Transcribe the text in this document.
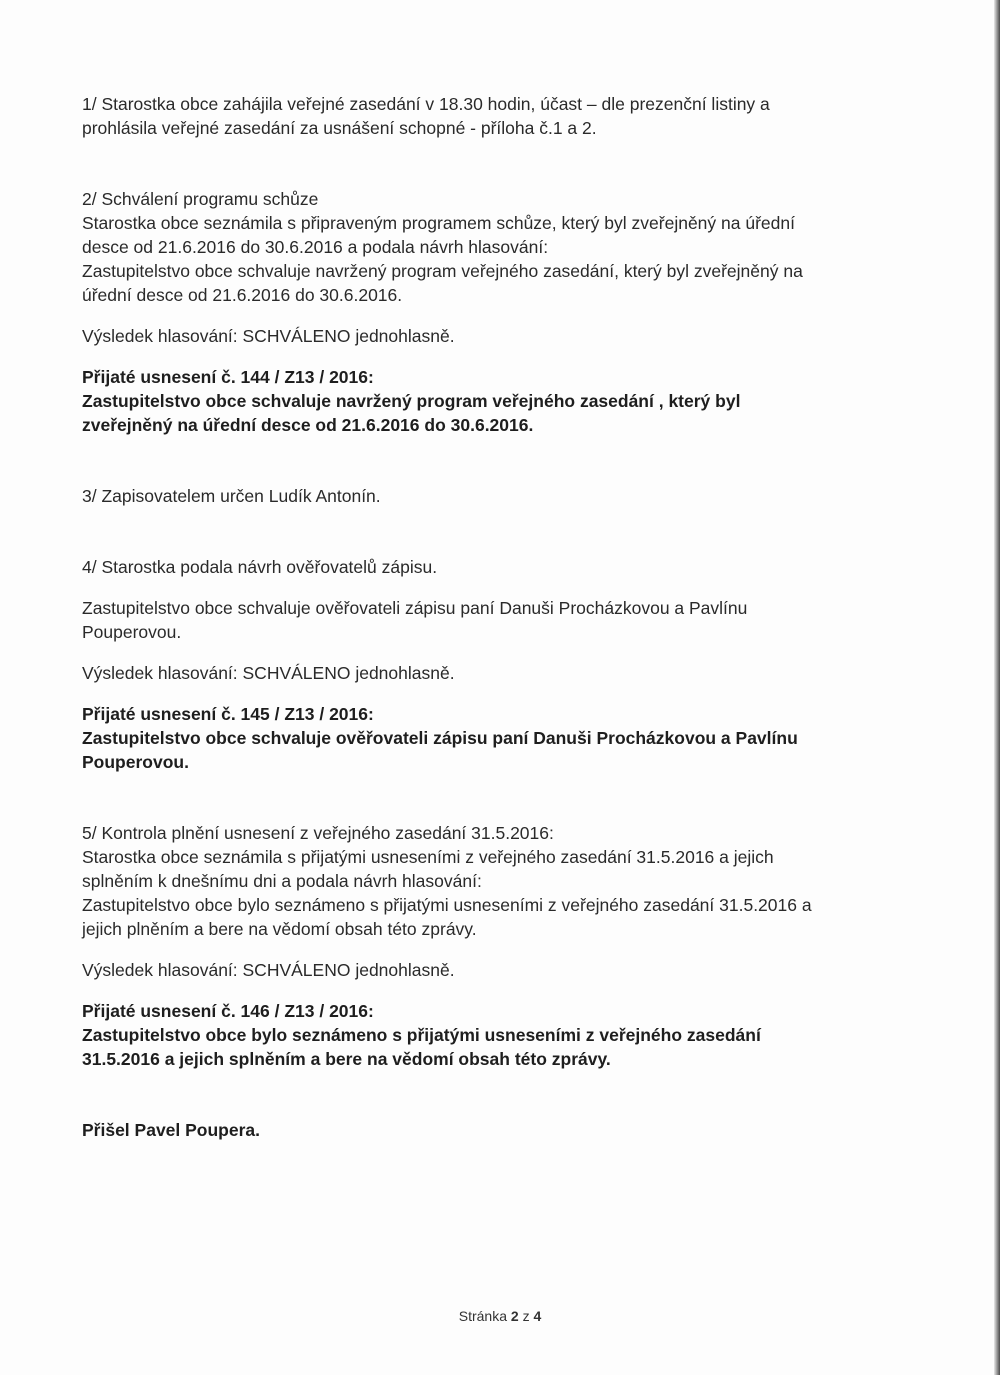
1/ Starostka obce zahájila veřejné zasedání v 18.30 hodin, účast – dle prezenční listiny a

prohlásila veřejné zasedání za usnášení schopné - příloha č.1 a 2.

2/ Schválení programu schůze

Starostka obce seznámila s připraveným programem schůze, který byl zveřejněný na úřední

desce od 21.6.2016 do 30.6.2016 a podala návrh hlasování:

Zastupitelstvo obce schvaluje navržený program veřejného zasedání, který byl zveřejněný na

úřední desce od 21.6.2016 do 30.6.2016.

Výsledek hlasování: SCHVÁLENO jednohlasně.

Přijaté usnesení č. 144 / Z13 / 2016:

Zastupitelstvo obce schvaluje navržený program veřejného zasedání , který byl

zveřejněný na úřední desce od 21.6.2016 do 30.6.2016.

3/ Zapisovatelem určen Ludík Antonín.

4/ Starostka podala návrh ověřovatelů zápisu.

Zastupitelstvo obce schvaluje ověřovateli zápisu paní Danuši Procházkovou a Pavlínu

Pouperovou.

Výsledek hlasování: SCHVÁLENO jednohlasně.

Přijaté usnesení č. 145 / Z13 / 2016:

Zastupitelstvo obce schvaluje ověřovateli zápisu paní Danuši Procházkovou a Pavlínu

Pouperovou.

5/ Kontrola plnění usnesení z veřejného zasedání 31.5.2016:

Starostka obce seznámila s přijatými usneseními z veřejného zasedání 31.5.2016 a jejich

splněním k dnešnímu dni a podala návrh hlasování:

Zastupitelstvo obce bylo seznámeno s přijatými usneseními z veřejného zasedání 31.5.2016 a

jejich plněním a bere na vědomí obsah této zprávy.

Výsledek hlasování: SCHVÁLENO jednohlasně.

Přijaté usnesení č. 146 / Z13 / 2016:

Zastupitelstvo obce bylo seznámeno s přijatými usneseními z veřejného zasedání

31.5.2016 a jejich splněním a bere na vědomí obsah této zprávy.

Přišel Pavel Poupera.

Stránka 2 z 4
